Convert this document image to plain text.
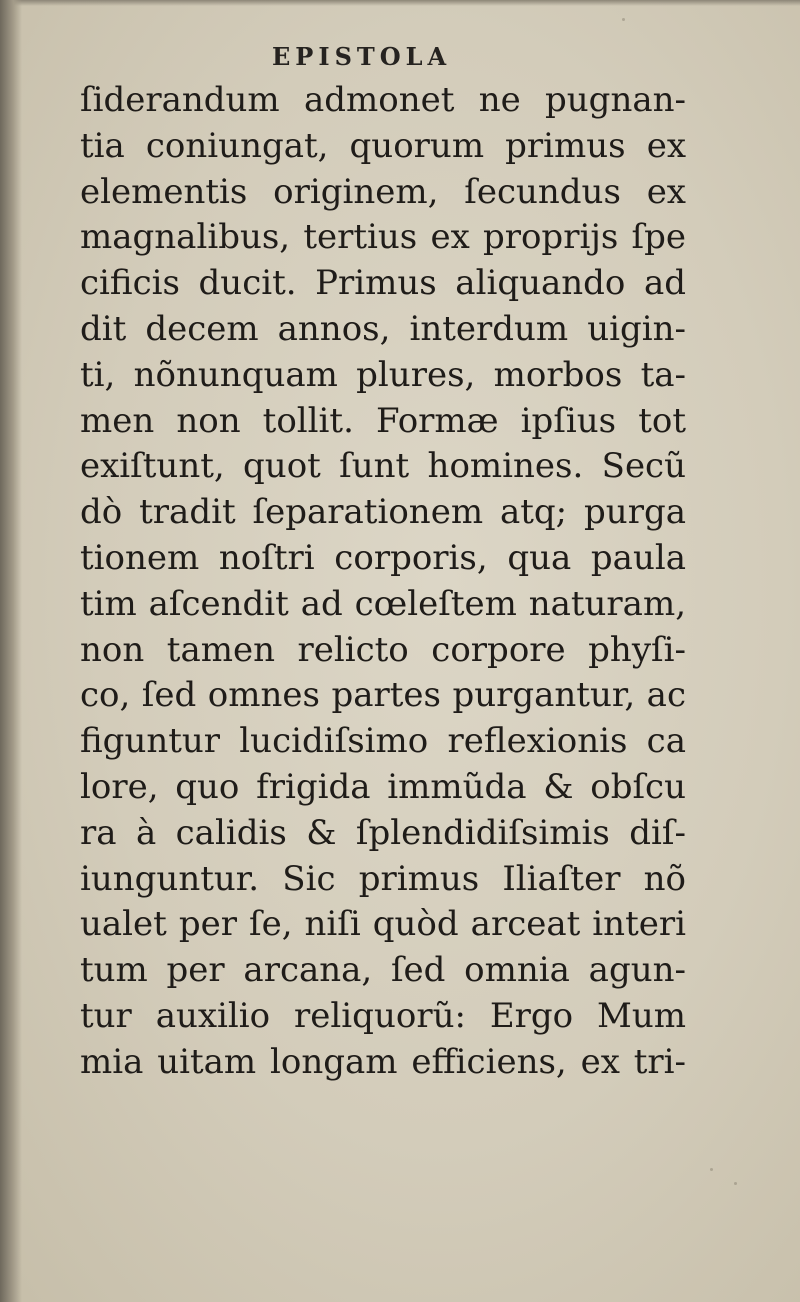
EPISTOLA
ſiderandum admonet ne pugnan-
tia coniungat, quorum primus ex
elementis originem, ſecundus ex
magnalibus, tertius ex proprijs ſpe
cificis ducit. Primus aliquando ad
dit decem annos, interdum uigin-
ti, nõnunquam plures, morbos ta-
men non tollit. Formæ ipſius tot
exiſtunt, quot ſunt homines. Secũ
dò tradit ſeparationem atq; purga
tionem noſtri corporis, qua paula
tim aſcendit ad cœleſtem naturam,
non tamen relicto corpore phyſi-
co, ſed omnes partes purgantur, ac
figuntur lucidiſsimo reflexionis ca
lore, quo frigida immũda & obſcu
ra à calidis & ſplendidiſsimis diſ-
iunguntur. Sic primus Iliaſter nõ
ualet per ſe, niſi quòd arceat interi
tum per arcana, ſed omnia agun-
tur auxilio reliquorũ: Ergo Mum
mia uitam longam efficiens, ex tri-
